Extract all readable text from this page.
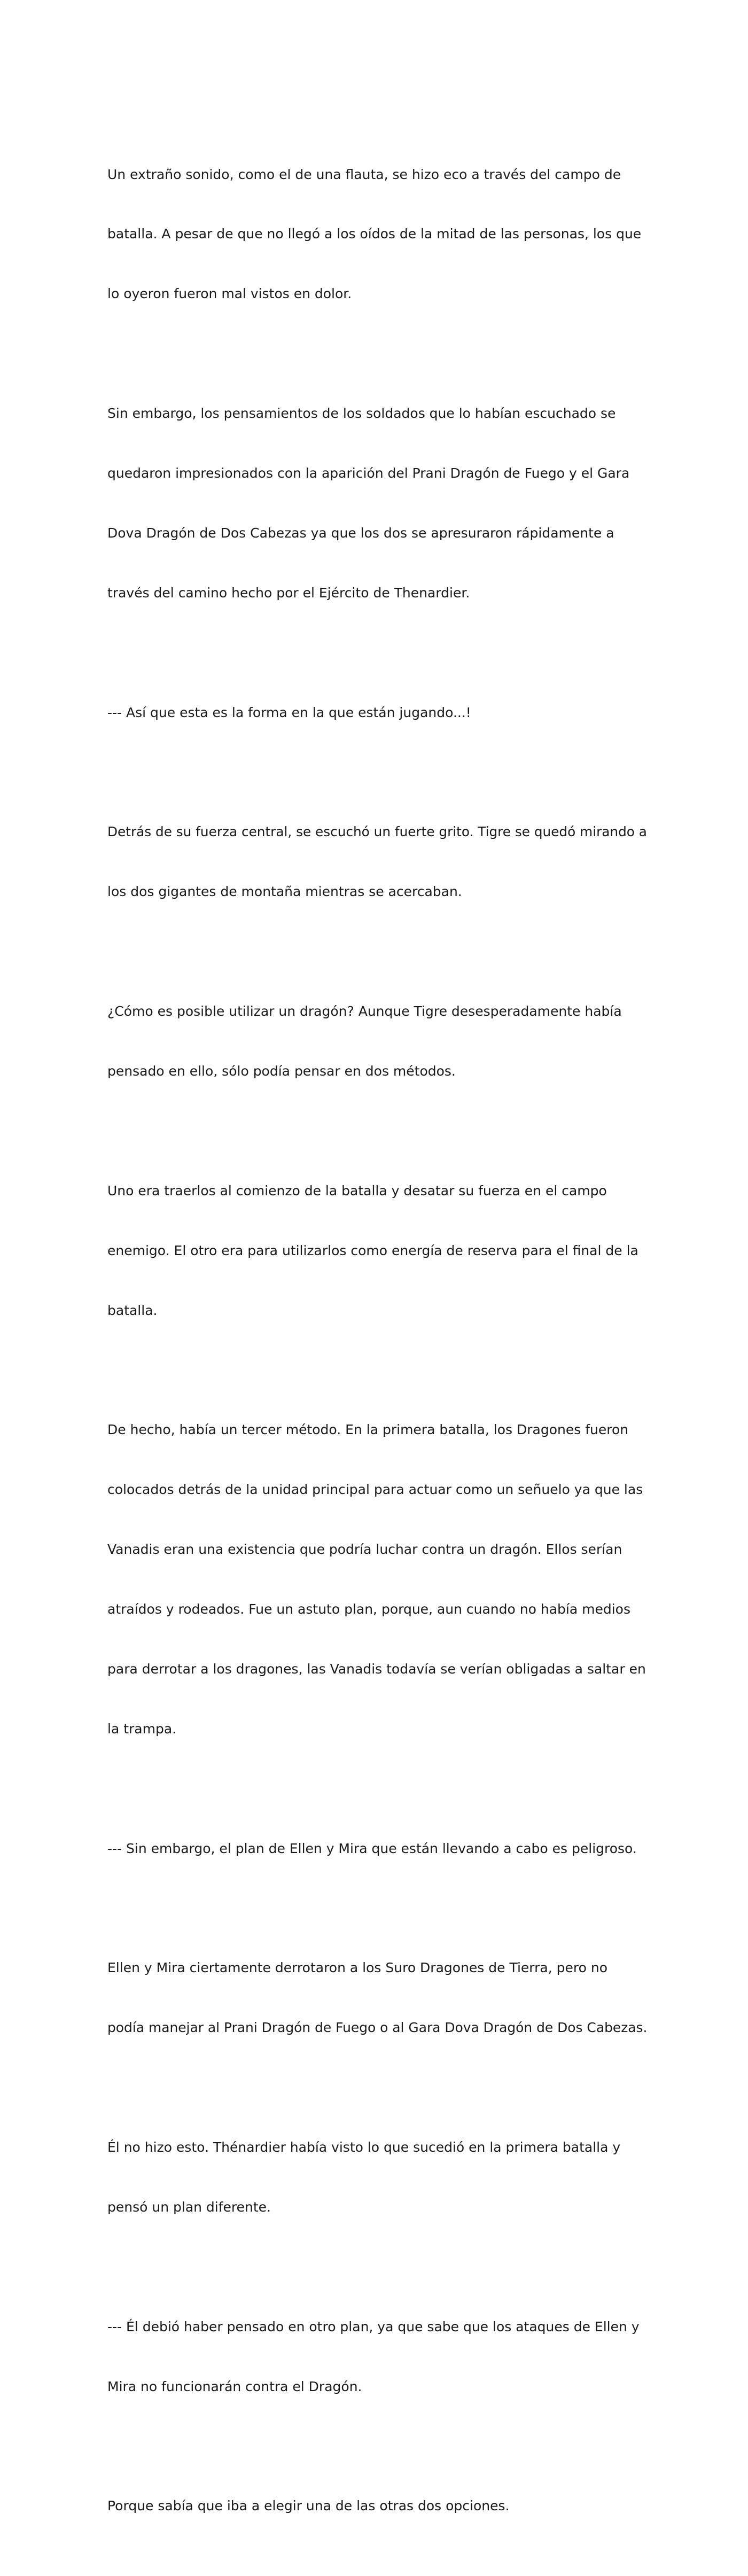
Un extraño sonido, como el de una flauta, se hizo eco a través del campo de

batalla. A pesar de que no llegó a los oídos de la mitad de las personas, los que

lo oyeron fueron mal vistos en dolor.

Sin embargo, los pensamientos de los soldados que lo habían escuchado se

quedaron impresionados con la aparición del Prani Dragón de Fuego y el Gara

Dova Dragón de Dos Cabezas ya que los dos se apresuraron rápidamente a

través del camino hecho por el Ejército de Thenardier.

--- Así que esta es la forma en la que están jugando...!

Detrás de su fuerza central, se escuchó un fuerte grito. Tigre se quedó mirando a

los dos gigantes de montaña mientras se acercaban.

¿Cómo es posible utilizar un dragón? Aunque Tigre desesperadamente había

pensado en ello, sólo podía pensar en dos métodos.

Uno era traerlos al comienzo de la batalla y desatar su fuerza en el campo

enemigo. El otro era para utilizarlos como energía de reserva para el final de la

batalla.

De hecho, había un tercer método. En la primera batalla, los Dragones fueron

colocados detrás de la unidad principal para actuar como un señuelo ya que las

Vanadis eran una existencia que podría luchar contra un dragón. Ellos serían

atraídos y rodeados. Fue un astuto plan, porque, aun cuando no había medios

para derrotar a los dragones, las Vanadis todavía se verían obligadas a saltar en

la trampa.

--- Sin embargo, el plan de Ellen y Mira que están llevando a cabo es peligroso.

Ellen y Mira ciertamente derrotaron a los Suro Dragones de Tierra, pero no

podía manejar al Prani Dragón de Fuego o al Gara Dova Dragón de Dos Cabezas.

Él no hizo esto. Thénardier había visto lo que sucedió en la primera batalla y

pensó un plan diferente.

--- Él debió haber pensado en otro plan, ya que sabe que los ataques de Ellen y

Mira no funcionarán contra el Dragón.

Porque sabía que iba a elegir una de las otras dos opciones.
